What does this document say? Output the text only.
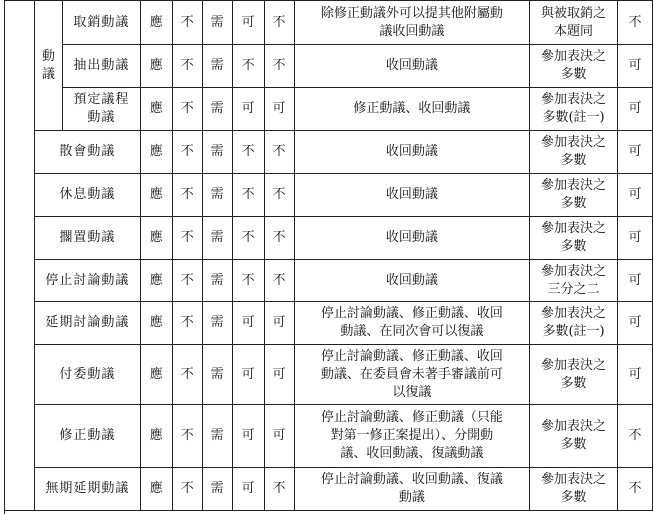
	動
議	取銷動議	應	不	需	可	不	除修正動議外可以提其他附屬動
議收回動議	與被取銷之
本題同	不
		抽出動議	應	不	需	不	不	收回動議	參加表決之
多數	可
		預定議程
動議	應	不	需	可	可	修正動議、收回動議	參加表決之
多數(註一)	可
	散會動議		應	不	需	不	不	收回動議	參加表決之
多數	可
	休息動議		應	不	需	不	不	收回動議	參加表決之
多數	可
	擱置動議		應	不	需	不	不	收回動議	參加表決之
多數	可
	停止討論動議		應	不	需	不	不	收回動議	參加表決之
三分之二	可
	延期討論動議		應	不	需	可	可	停止討論動議、修正動議、收回
動議、在同次會可以復議	參加表決之
多數(註一)	可
	付委動議		應	不	需	可	可	停止討論動議、修正動議、收回
動議、在委員會未著手審議前可
以復議	參加表決之
多數	可
	修正動議		應	不	需	可	可	停止討論動議、修正動議（只能
對第一修正案提出）、分開動
議、收回動議、復議動議	參加表決之
多數	不
	無期延期動議		應	不	需	可	不	停止討論動議、收回動議、復議
動議	參加表決之
多數	不
